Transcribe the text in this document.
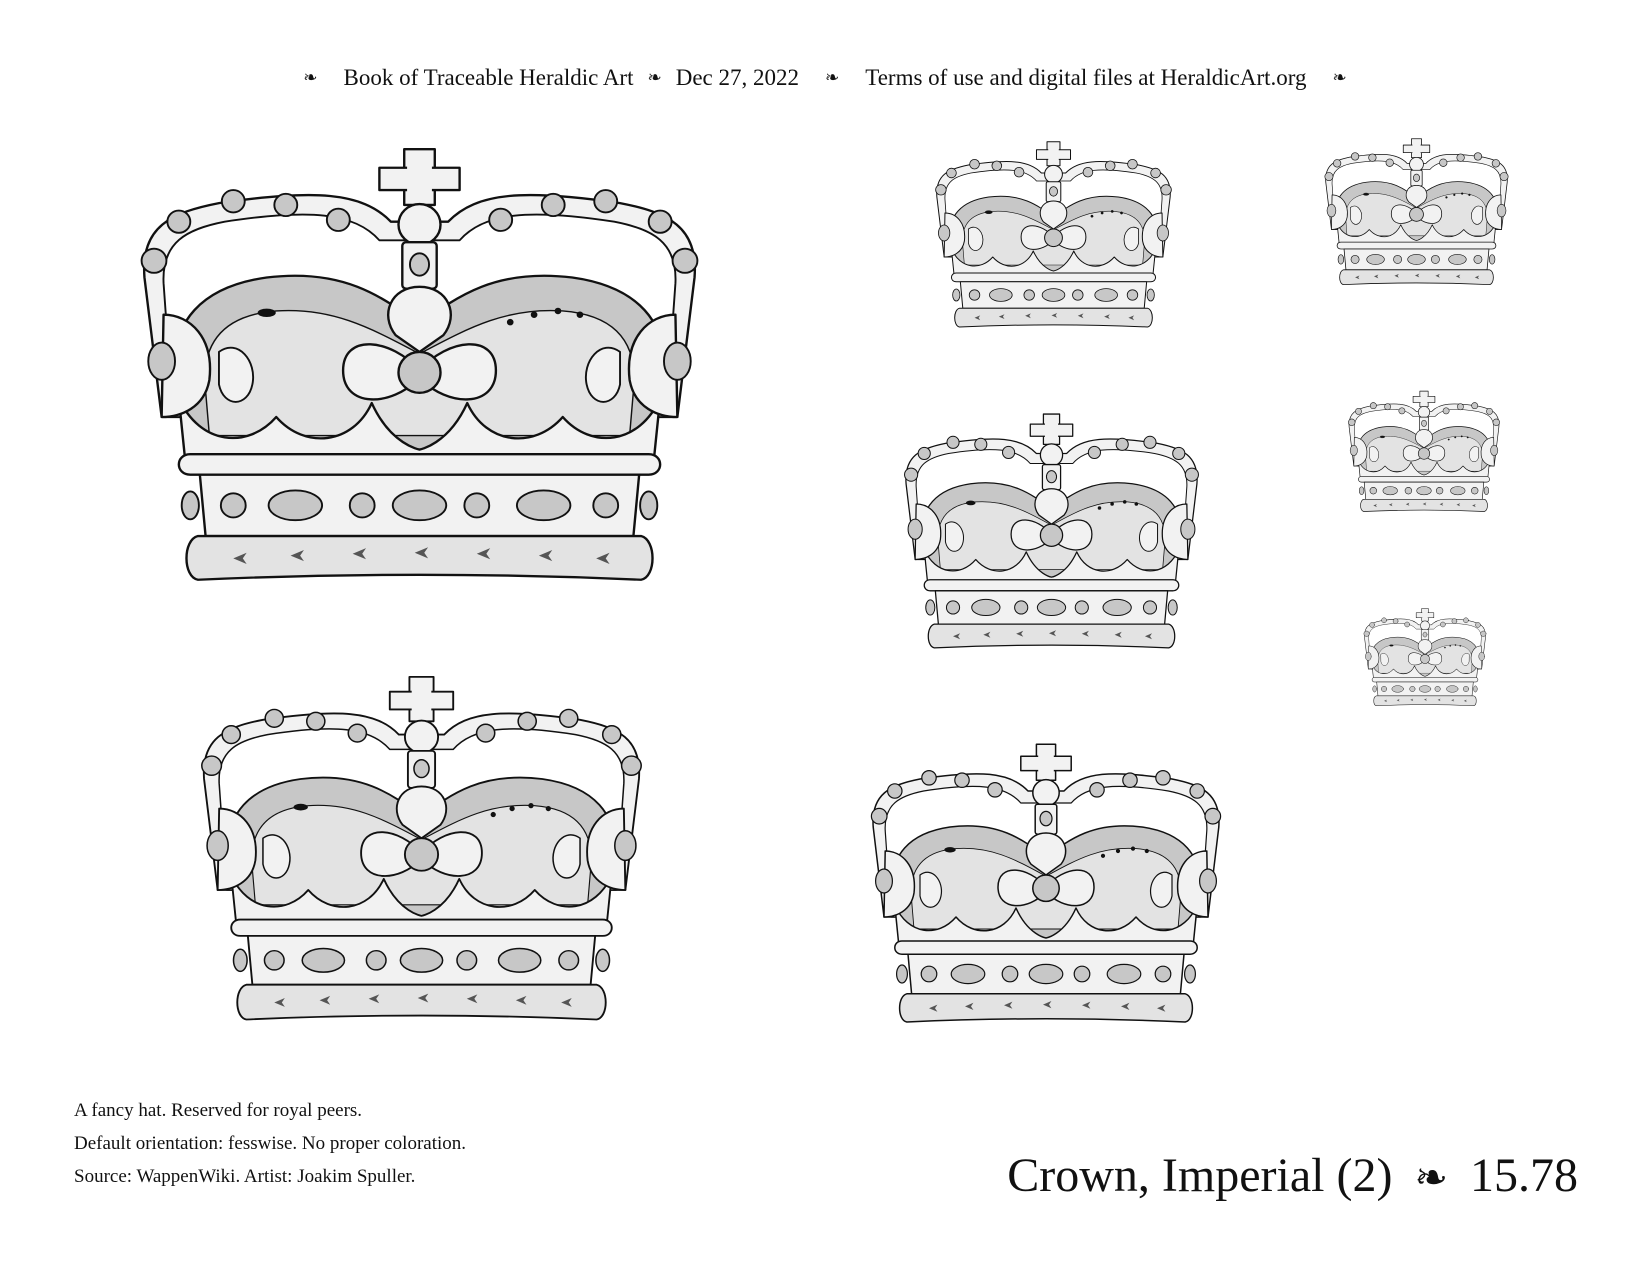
❧	Book of Traceable Heraldic Art ❧ Dec 27, 2022	❧	Terms of use and digital files at HeraldicArt.org	❧
A fancy hat. Reserved for royal peers.
Default orientation: fesswise. No proper coloration.
Source: WappenWiki. Artist: Joakim Spuller.	Crown, Imperial (2) ❧ 15.78
